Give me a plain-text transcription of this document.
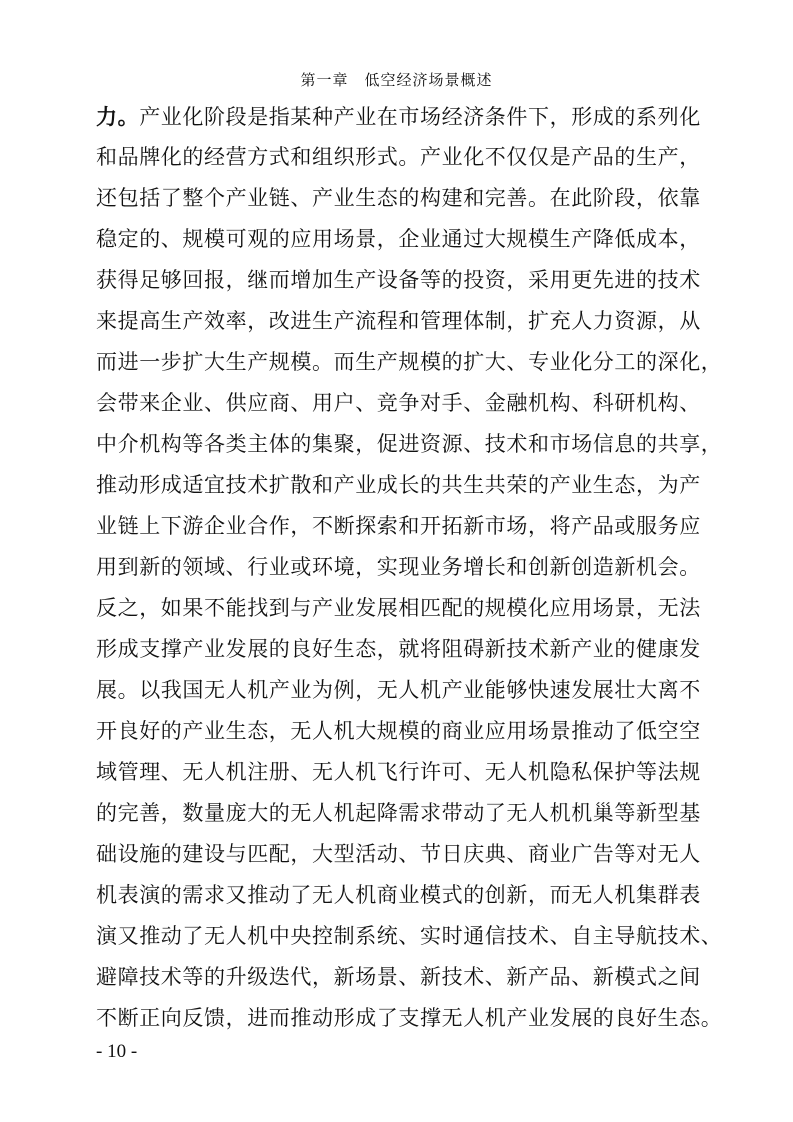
第一章　低空经济场景概述
力。产业化阶段是指某种产业在市场经济条件下，形成的系列化
和品牌化的经营方式和组织形式。产业化不仅仅是产品的生产，
还包括了整个产业链、产业生态的构建和完善。在此阶段，依靠
稳定的、规模可观的应用场景，企业通过大规模生产降低成本，
获得足够回报，继而增加生产设备等的投资，采用更先进的技术
来提高生产效率，改进生产流程和管理体制，扩充人力资源，从
而进一步扩大生产规模。而生产规模的扩大、专业化分工的深化，
会带来企业、供应商、用户、竞争对手、金融机构、科研机构、
中介机构等各类主体的集聚，促进资源、技术和市场信息的共享，
推动形成适宜技术扩散和产业成长的共生共荣的产业生态，为产
业链上下游企业合作，不断探索和开拓新市场，将产品或服务应
用到新的领域、行业或环境，实现业务增长和创新创造新机会。
反之，如果不能找到与产业发展相匹配的规模化应用场景，无法
形成支撑产业发展的良好生态，就将阻碍新技术新产业的健康发
展。以我国无人机产业为例，无人机产业能够快速发展壮大离不
开良好的产业生态，无人机大规模的商业应用场景推动了低空空
域管理、无人机注册、无人机飞行许可、无人机隐私保护等法规
的完善，数量庞大的无人机起降需求带动了无人机机巢等新型基
础设施的建设与匹配，大型活动、节日庆典、商业广告等对无人
机表演的需求又推动了无人机商业模式的创新，而无人机集群表
演又推动了无人机中央控制系统、实时通信技术、自主导航技术、
避障技术等的升级迭代，新场景、新技术、新产品、新模式之间
不断正向反馈，进而推动形成了支撑无人机产业发展的良好生态。
- 10 -
